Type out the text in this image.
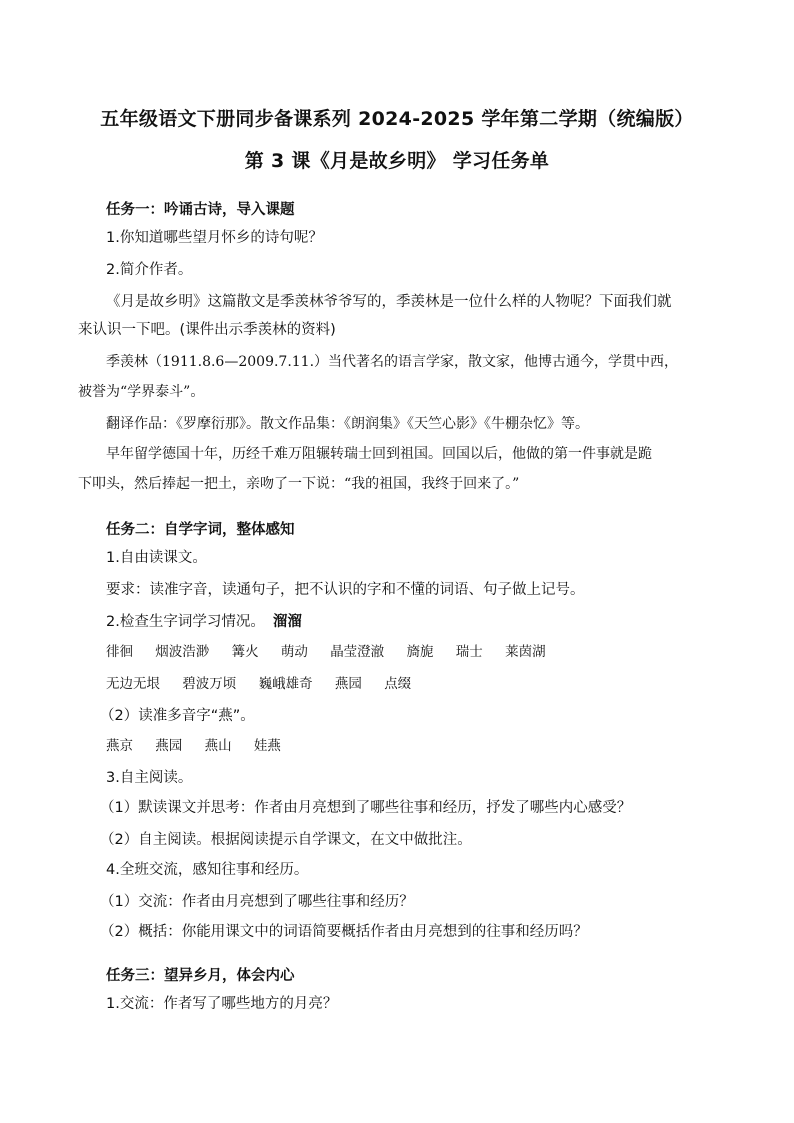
五年级语文下册同步备课系列 2024-2025 学年第二学期（统编版）
第 3 课《月是故乡明》 学习任务单
任务一：吟诵古诗，导入课题
1.你知道哪些望月怀乡的诗句呢？
2.简介作者。
《月是故乡明》这篇散文是季羡林爷爷写的，季羡林是一位什么样的人物呢？下面我们就
来认识一下吧。(课件出示季羡林的资料)
季羡林（1911.8.6—2009.7.11.）当代著名的语言学家，散文家，他博古通今，学贯中西，
被誉为“学界泰斗”。
翻译作品：《罗摩衍那》。散文作品集：《朗润集》《天竺心影》《牛棚杂忆》等。
早年留学德国十年，历经千难万阻辗转瑞士回到祖国。回国以后，他做的第一件事就是跪
下叩头，然后捧起一把土，亲吻了一下说：“我的祖国，我终于回来了。”
任务二：自学字词，整体感知
1.自由读课文。
要求：读准字音，读通句子，把不认识的字和不懂的词语、句子做上记号。
2.检查生字词学习情况。 溜溜
徘徊 烟波浩渺 篝火 萌动 晶莹澄澈 旖旎 瑞士 莱茵湖
无边无垠 碧波万顷 巍峨雄奇 燕园 点缀
（2）读准多音字“燕”。
燕京 燕园 燕山 娃燕
3.自主阅读。
（1）默读课文并思考：作者由月亮想到了哪些往事和经历，抒发了哪些内心感受？
（2）自主阅读。根据阅读提示自学课文，在文中做批注。
4.全班交流，感知往事和经历。
（1）交流：作者由月亮想到了哪些往事和经历？
（2）概括：你能用课文中的词语简要概括作者由月亮想到的往事和经历吗？
任务三：望异乡月，体会内心
1.交流：作者写了哪些地方的月亮？
